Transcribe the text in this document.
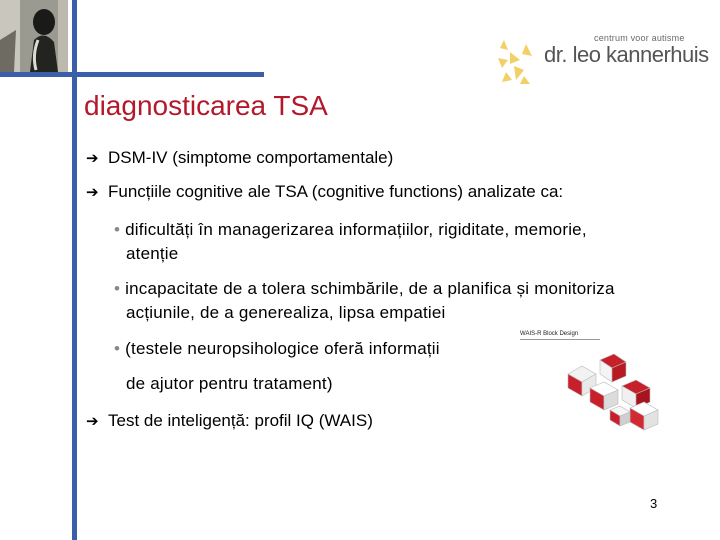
centrum voor autisme
dr. leo kannerhuis
diagnosticarea TSA
➔ DSM-IV (simptome comportamentale)
➔ Funcțiile cognitive ale TSA (cognitive functions) analizate ca:
• dificultăți în managerizarea informațiilor, rigiditate, memorie,
atenție
• incapacitate de a tolera schimbările, de a planifica și monitoriza
acțiunile, de a generealiza, lipsa empatiei
• (testele neuropsihologice oferă informații
de ajutor pentru tratament)
➔ Test de inteligență: profil IQ (WAIS)
WAIS-R Block Design
3
